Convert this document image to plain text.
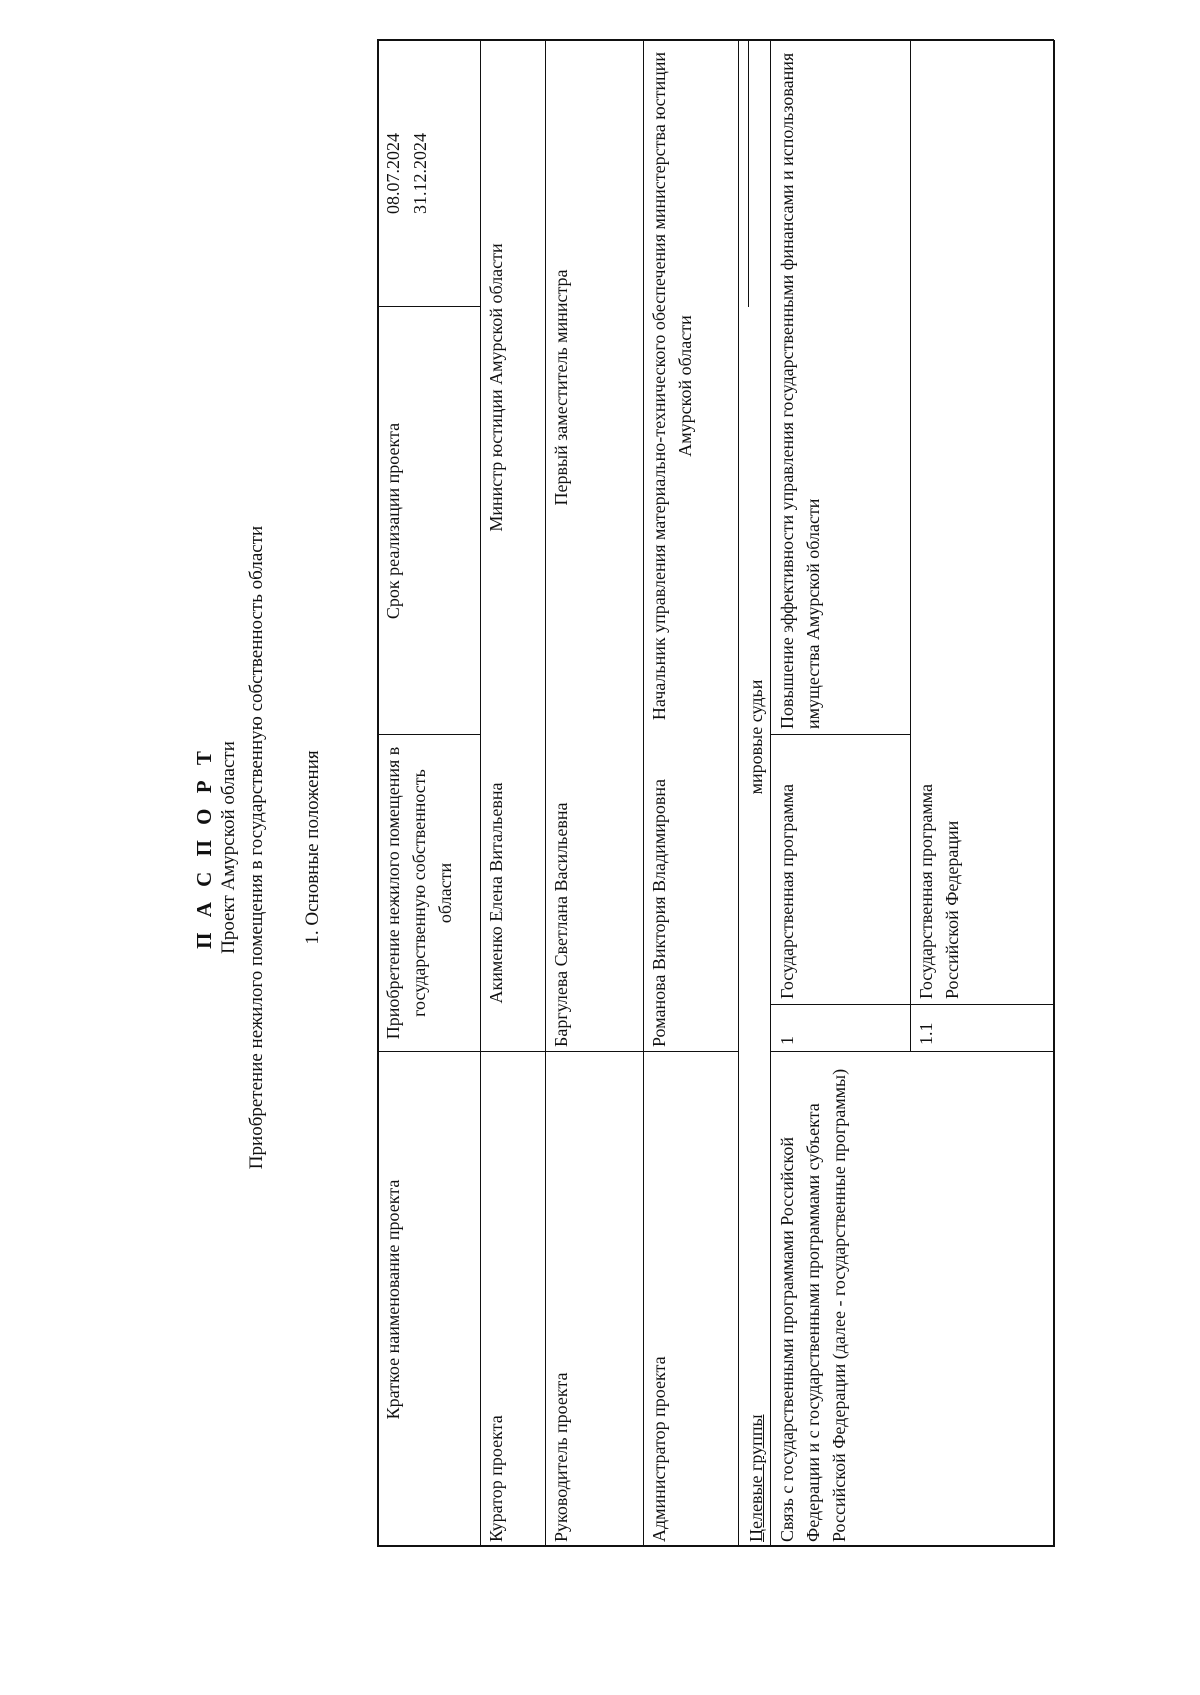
П А С П О Р Т Проект Амурской области Приобретение нежилого помещения в государственную собственность области 1. Основные положения
Краткое наименование проекта
Приобретение нежилого помещения в государственную собственность области
Срок реализации проекта
08.07.2024 31.12.2024
Куратор проекта
Акименко Елена Витальевна
Министр юстиции Амурской области
Руководитель проекта
Баргулева Светлана Васильевна
Первый заместитель министра
Администратор проекта
Романова Виктория Владимировна
Начальник управления материально-технического обеспечения министерства юстиции Амурской области
Целевые группы
мировые судьи
Связь с государственными программами Российской Федерации и с государственными программами субъекта Российской Федерации (далее - государственные программы)
1
Государственная программа
Повышение эффективности управления государственными финансами и использования имущества Амурской области
1.1
Государственная программа Российской Федерации
